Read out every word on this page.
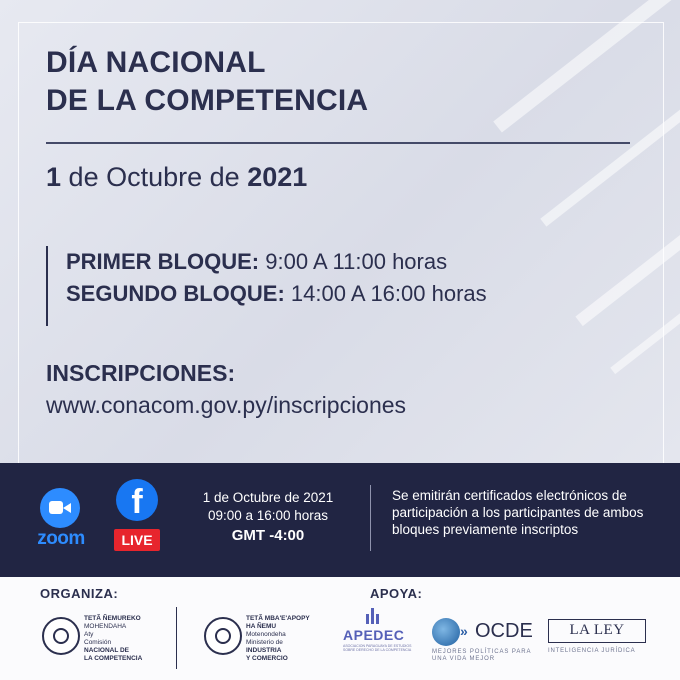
DÍA NACIONAL
DE LA COMPETENCIA
1 de Octubre de 2021
PRIMER BLOQUE: 9:00 A 11:00 horas
SEGUNDO BLOQUE: 14:00 A 16:00 horas
INSCRIPCIONES:
www.conacom.gov.py/inscripciones
zoom
f
LIVE
1 de Octubre de 2021
09:00 a 16:00 horas
GMT -4:00
Se emitirán certificados electrónicos de participación a los participantes de ambos bloques previamente inscriptos
ORGANIZA:	APOYA:
TETÃ ÑEMUREKO
MOHENDAHA
Aty
Comisión
NACIONAL DE
LA COMPETENCIA
TETÃ MBA'E'APOPY
HA ÑEMU
Motenondeha
Ministerio de
INDUSTRIA
Y COMERCIO
APEDEC
ASOCIACION PARAGUAYA DE ESTUDIOS SOBRE DERECHO DE LA COMPETENCIA
» OCDE
MEJORES POLÍTICAS PARA UNA VIDA MEJOR
LA LEY
INTELIGENCIA JURÍDICA
